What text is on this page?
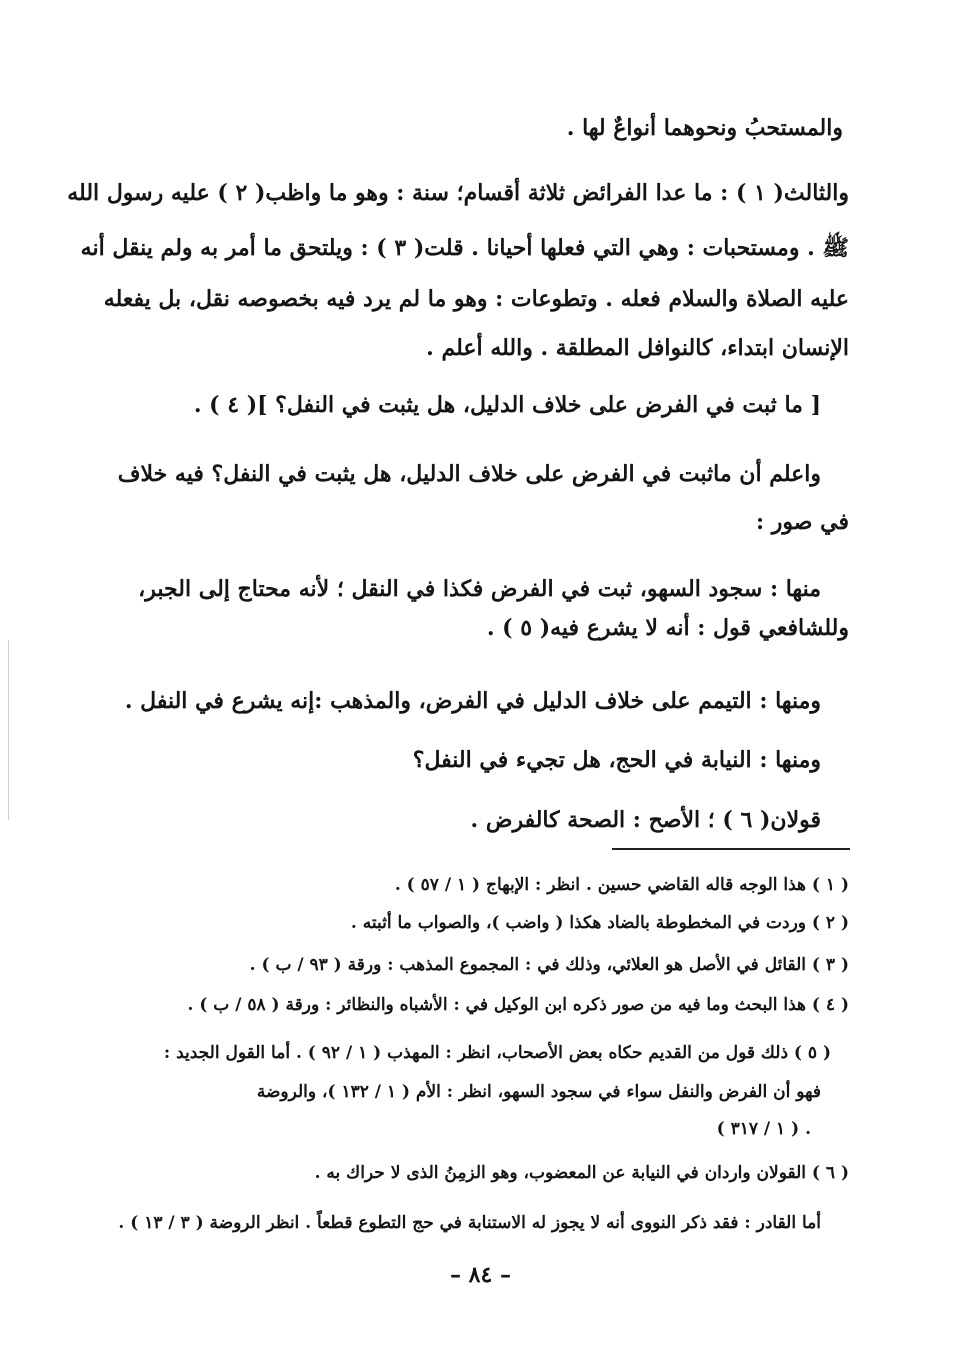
والمستحبُ ونحوهما أنواعٌ لها .
والثالث( ١ ) : ما عدا الفرائض ثلاثة أقسام؛ سنة : وهو ما واظب( ٢ ) عليه رسول الله
ﷺ . ومستحبات : وهي التي فعلها أحيانا . قلت( ٣ ) : ويلتحق ما أمر به ولم ينقل أنه
عليه الصلاة والسلام فعله . وتطوعات : وهو ما لم يرد فيه بخصوصه نقل، بل يفعله
الإنسان ابتداء، كالنوافل المطلقة . والله أعلم .
[ ما ثبت في الفرض على خلاف الدليل، هل يثبت في النفل؟ ]( ٤ ) .
واعلم أن ماثبت في الفرض على خلاف الدليل، هل يثبت في النفل؟ فيه خلاف
في صور :
منها : سجود السهو، ثبت في الفرض فكذا في النقل ؛ لأنه محتاج إلى الجبر،
وللشافعي قول : أنه لا يشرع فيه( ٥ ) .
ومنها : التيمم على خلاف الدليل في الفرض، والمذهب :إنه يشرع في النفل .
ومنها : النيابة في الحج، هل تجيء في النفل؟
قولان( ٦ ) ؛ الأصح : الصحة كالفرض .
( ١ ) هذا الوجه قاله القاضي حسين . انظر : الإبهاج ( ١ / ٥٧ ) .
( ٢ ) وردت في المخطوطة بالضاد هكذا ( واضب )، والصواب ما أثبته .
( ٣ ) القائل في الأصل هو العلائي، وذلك في : المجموع المذهب : ورقة ( ٩٣ / ب ) .
( ٤ ) هذا البحث وما فيه من صور ذكره ابن الوكيل في : الأشباه والنظائر : ورقة ( ٥٨ / ب ) .
( ٥ ) ذلك قول من القديم حكاه بعض الأصحاب، انظر : المهذب ( ١ / ٩٢ ) . أما القول الجديد :
فهو أن الفرض والنفل سواء في سجود السهو، انظر : الأم ( ١ / ١٣٢ )، والروضة
( ١ / ٣١٧ ) .
( ٦ ) القولان واردان في النيابة عن المعضوب، وهو الزمِنُ الذى لا حراك به .
أما القادر : فقد ذكر النووى أنه لا يجوز له الاستنابة في حج التطوع قطعاً . انظر الروضة ( ٣ / ١٣ ) .
– ٨٤ –
